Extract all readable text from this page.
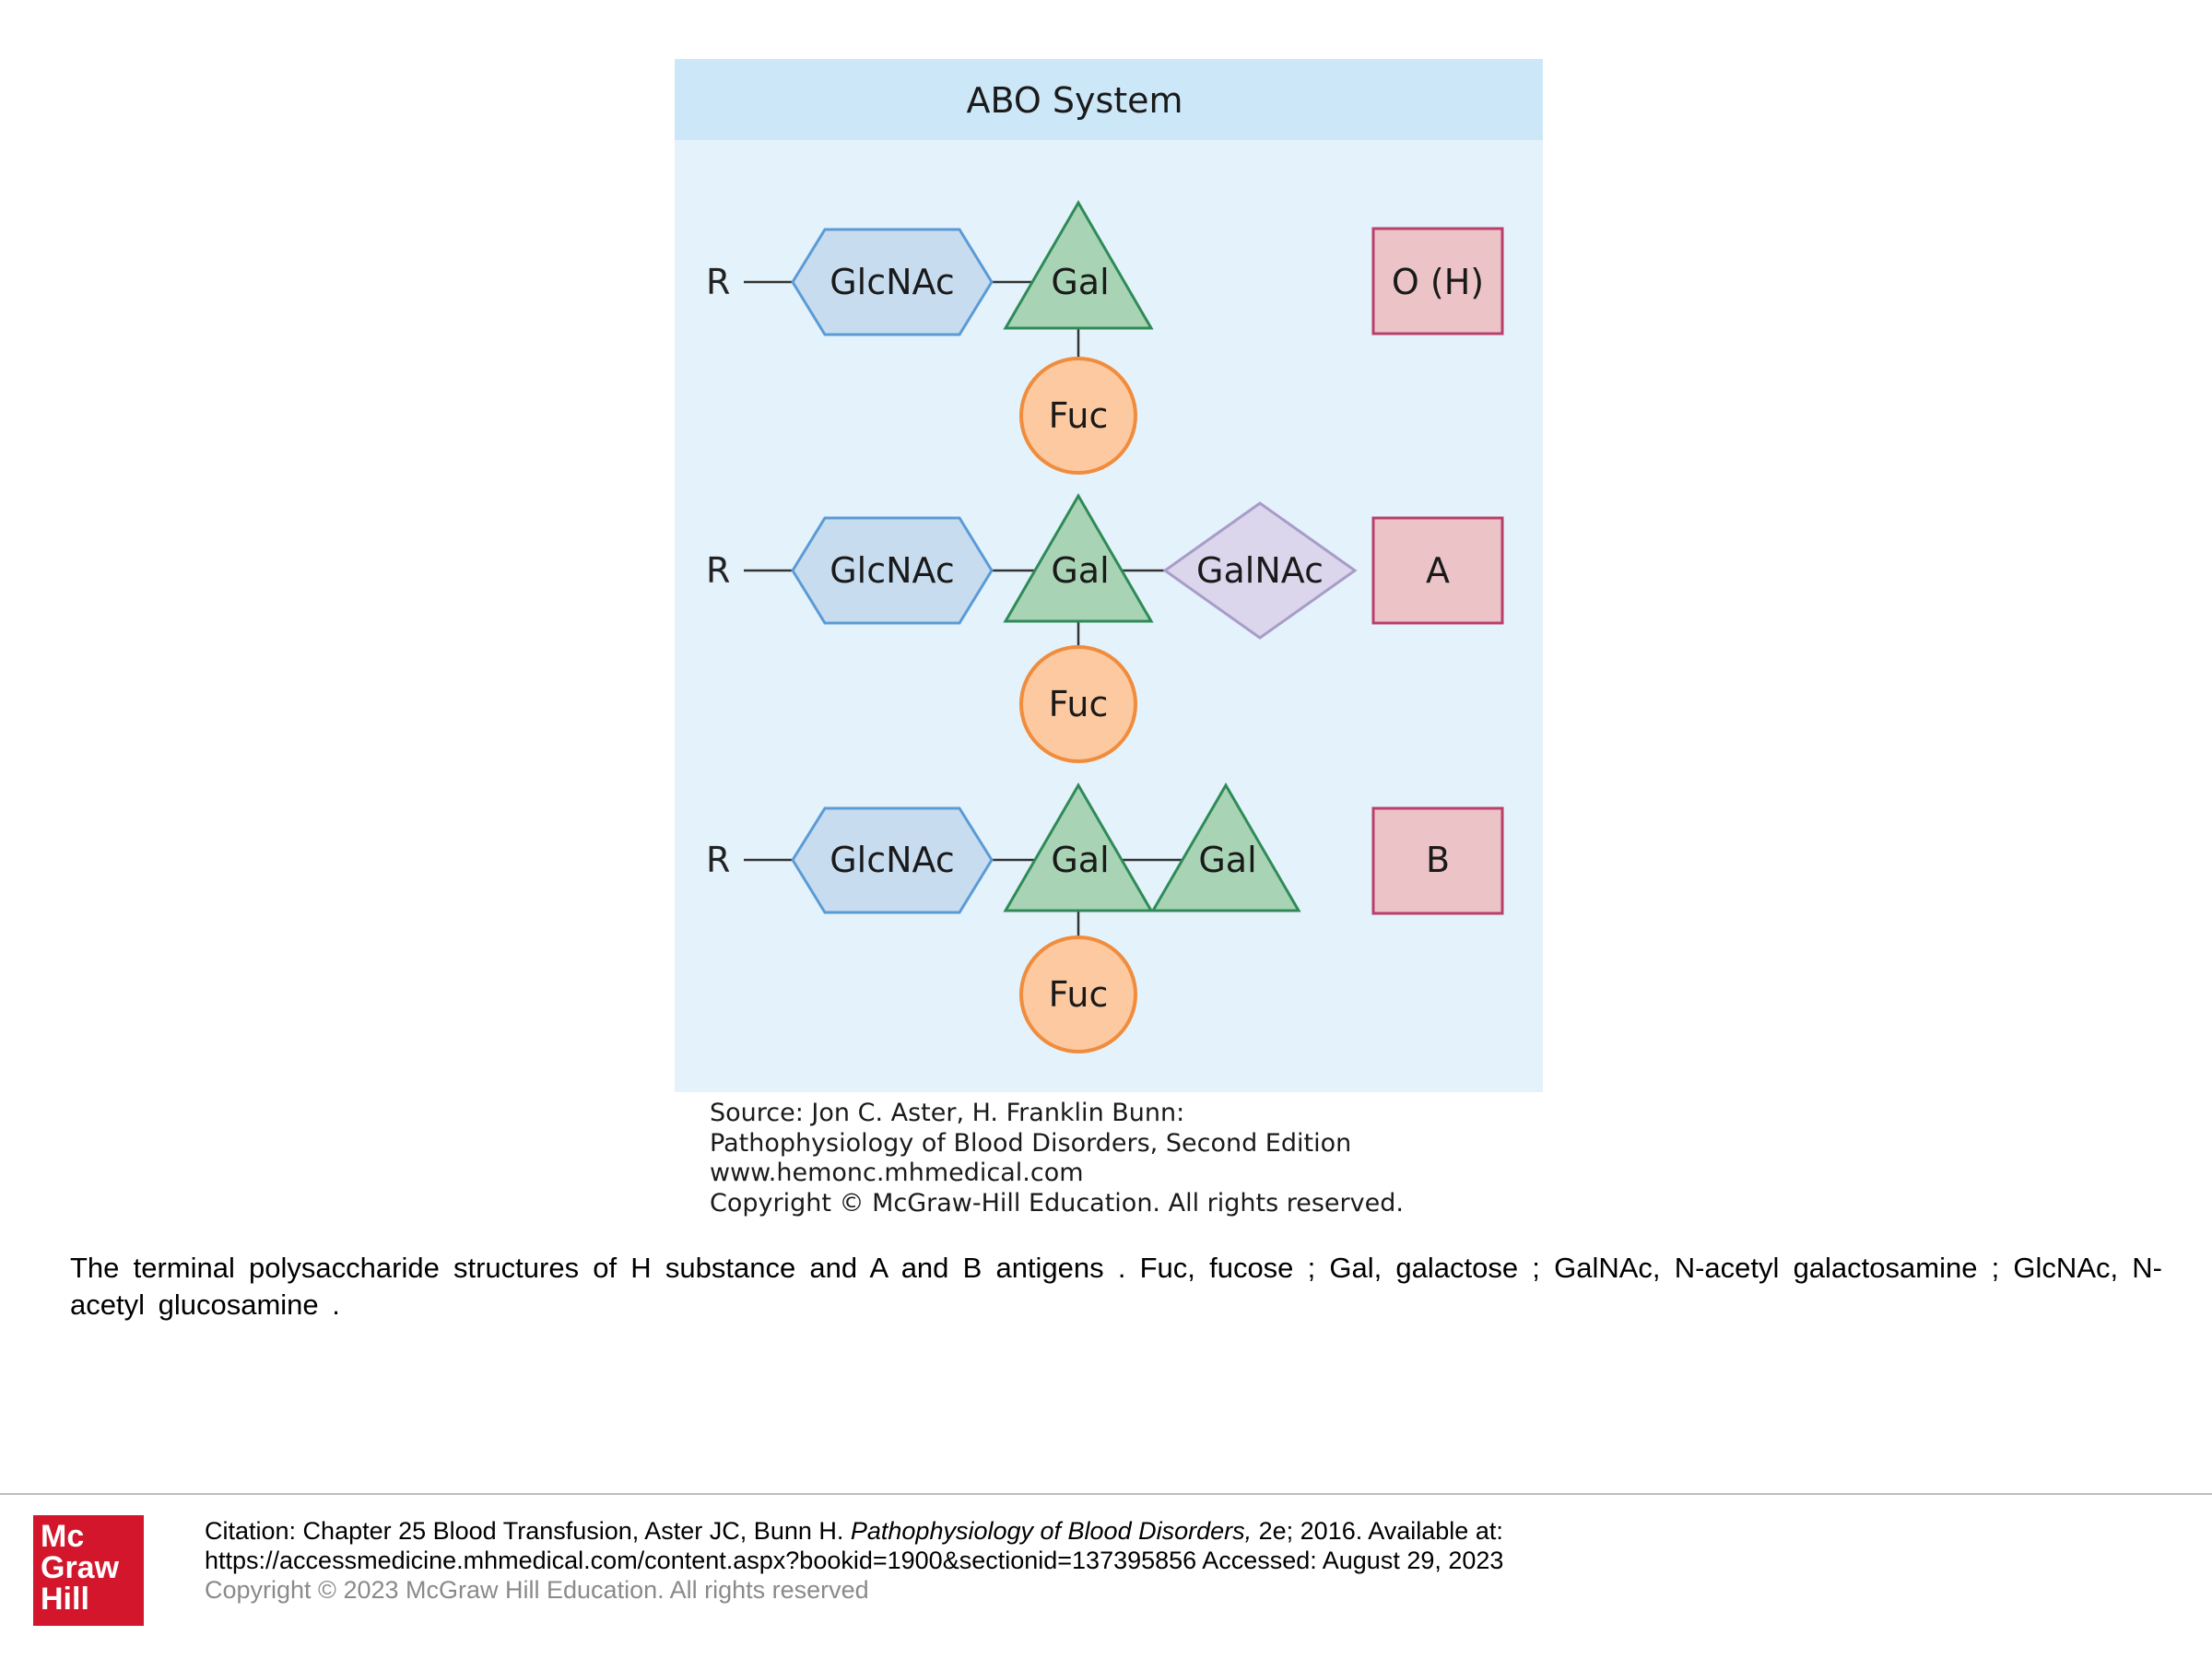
ABO System
R	GlcNAc	Gal
Fuc
O (H)
R	GlcNAc	Gal GalNAc
Fuc
A
R	GlcNAc	Gal	Gal
Fuc
B
Source: Jon C. Aster, H. Franklin Bunn:
Pathophysiology of Blood Disorders, Second Edition
www.hemonc.mhmedical.com
Copyright © McGraw-Hill Education. All rights reserved.
The terminal polysaccharide structures of H substance and A and B antigens . Fuc, fucose ; Gal, galactose ; GalNAc, N-acetyl galactosamine ; GlcNAc, N-acetyl glucosamine .
Mc
Graw
Hill
Citation: Chapter 25 Blood Transfusion, Aster JC, Bunn H. Pathophysiology of Blood Disorders, 2e; 2016. Available at:
https://accessmedicine.mhmedical.com/content.aspx?bookid=1900&sectionid=137395856 Accessed: August 29, 2023
Copyright © 2023 McGraw Hill Education. All rights reserved
